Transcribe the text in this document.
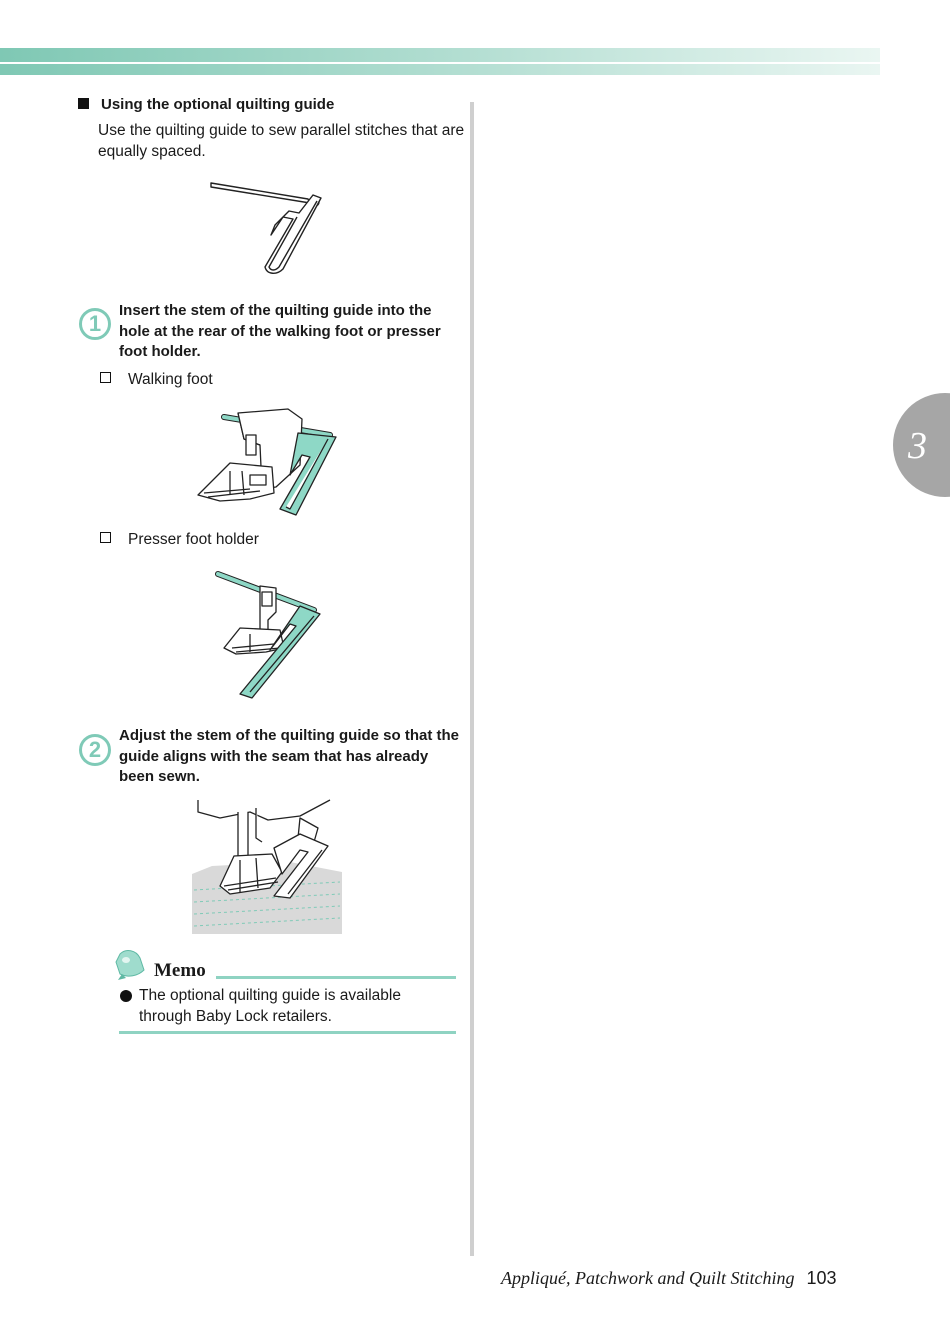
3
Using the optional quilting guide
Use the quilting guide to sew parallel stitches that are equally spaced.
1
Insert the stem of the quilting guide into the hole at the rear of the walking foot or presser foot holder.
Walking foot
Presser foot holder
2
Adjust the stem of the quilting guide so that the guide aligns with the seam that has already been sewn.
Memo
The optional quilting guide is available through Baby Lock retailers.
Appliqué, Patchwork and Quilt Stitching 103
